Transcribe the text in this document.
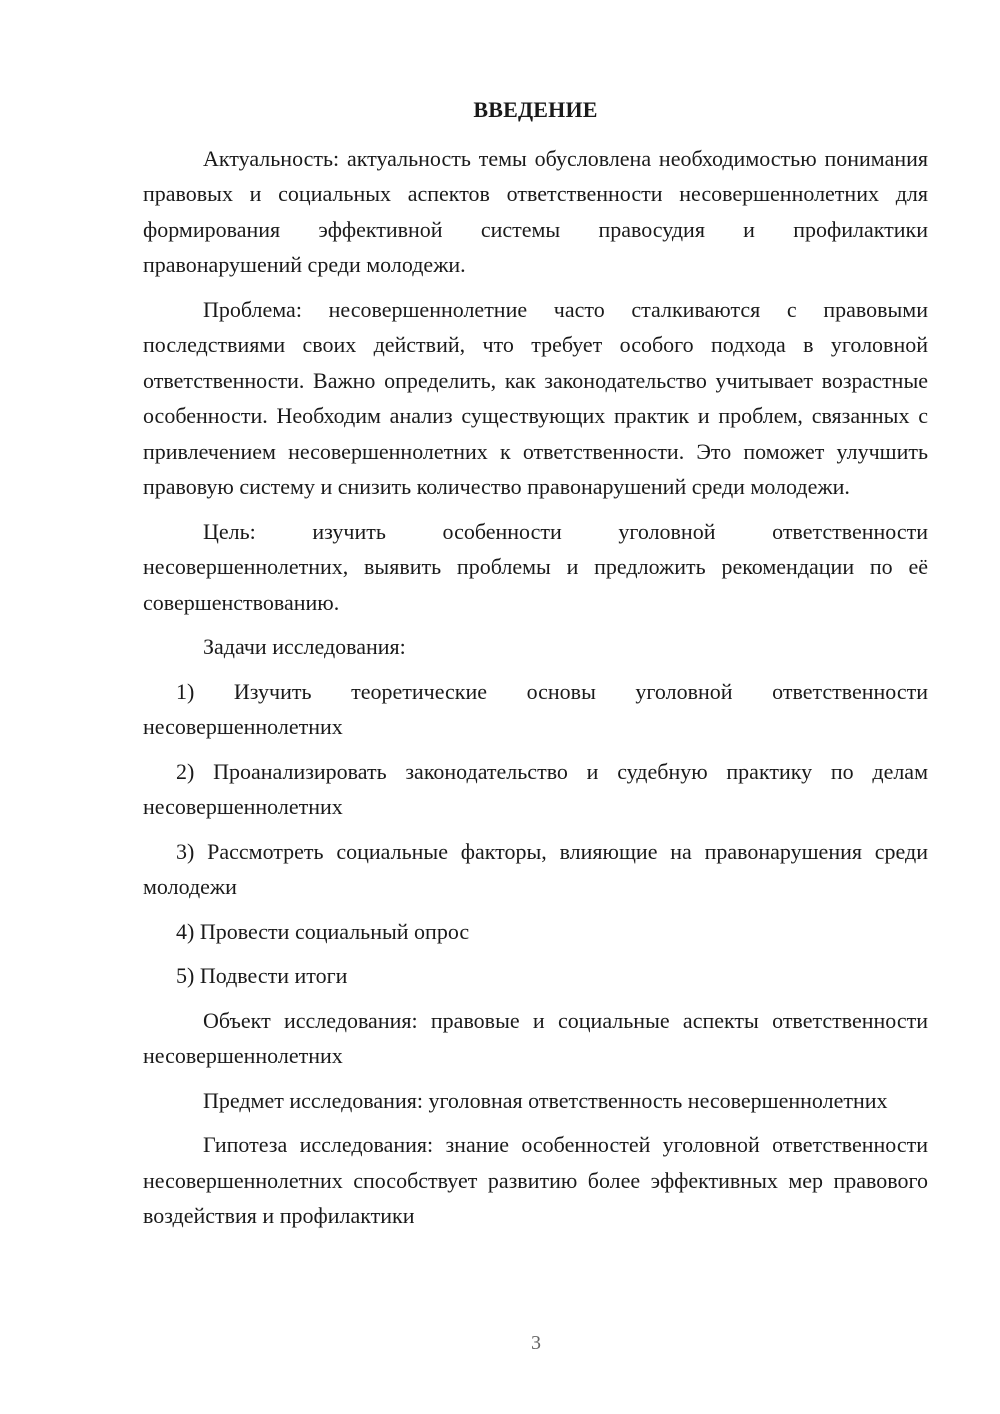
ВВЕДЕНИЕ

Актуальность: актуальность темы обусловлена необходимостью понимания правовых и социальных аспектов ответственности несовершеннолетних для формирования эффективной системы правосудия и профилактики правонарушений среди молодежи.

Проблема: несовершеннолетние часто сталкиваются с правовыми последствиями своих действий, что требует особого подхода в уголовной ответственности. Важно определить, как законодательство учитывает возрастные особенности. Необходим анализ существующих практик и проблем, связанных с привлечением несовершеннолетних к ответственности. Это поможет улучшить правовую систему и снизить количество правонарушений среди молодежи.

Цель: изучить особенности уголовной ответственности несовершеннолетних, выявить проблемы и предложить рекомендации по её совершенствованию.

Задачи исследования:

1) Изучить теоретические основы уголовной ответственности несовершеннолетних

2) Проанализировать законодательство и судебную практику по делам несовершеннолетних

3) Рассмотреть социальные факторы, влияющие на правонарушения среди молодежи

4) Провести социальный опрос

5) Подвести итоги

Объект исследования: правовые и социальные аспекты ответственности несовершеннолетних

Предмет исследования: уголовная ответственность несовершеннолетних

Гипотеза исследования: знание особенностей уголовной ответственности несовершеннолетних способствует развитию более эффективных мер правового воздействия и профилактики

3
